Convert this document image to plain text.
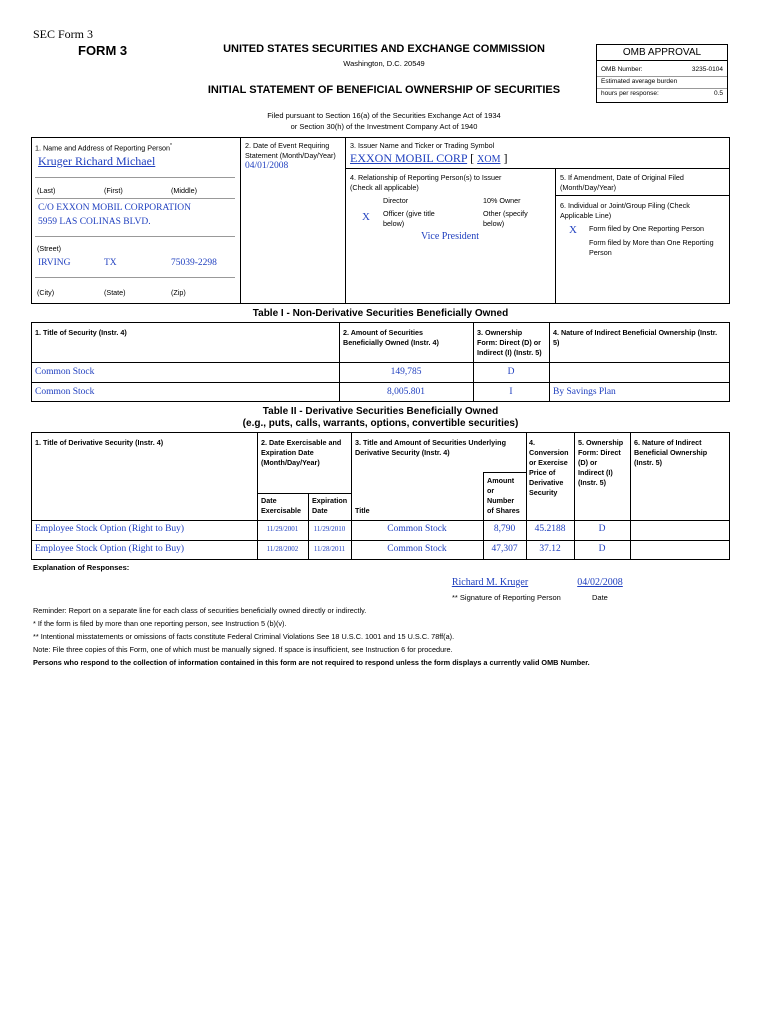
SEC Form 3
FORM 3	UNITED STATES SECURITIES AND EXCHANGE COMMISSION
Washington, D.C. 20549
INITIAL STATEMENT OF BENEFICIAL OWNERSHIP OF SECURITIES
Filed pursuant to Section 16(a) of the Securities Exchange Act of 1934
or Section 30(h) of the Investment Company Act of 1940
OMB APPROVAL
OMB Number:	3235-0104
Estimated average burden
hours per response:	0.5
1. Name and Address of Reporting Person*
Kruger Richard Michael
(Last)	(First)	(Middle)
C/O EXXON MOBIL CORPORATION
5959 LAS COLINAS BLVD.
(Street)
IRVING	TX	75039-2298
(City)	(State)	(Zip)
2. Date of Event Requiring
Statement (Month/Day/Year)
04/01/2008
3. Issuer Name and Ticker or Trading Symbol
EXXON MOBIL CORP [ XOM ]
4. Relationship of Reporting Person(s) to Issuer
(Check all applicable)
Director	10% Owner
X Officer (give title
below)
Other (specify
below)
Vice President
5. If Amendment, Date of Original Filed
(Month/Day/Year)
6. Individual or Joint/Group Filing (Check
Applicable Line)
X Form filed by One Reporting Person
Form filed by More than One Reporting
Person
Table I - Non-Derivative Securities Beneficially Owned
1. Title of Security (Instr. 4)	2. Amount of Securities
Beneficially Owned (Instr. 4)
3. Ownership
Form: Direct (D) or
Indirect (I) (Instr. 5)
4. Nature of Indirect Beneficial Ownership (Instr.
5)
Common Stock	149,785	D
Common Stock	8,005.801	I	By Savings Plan
Table II - Derivative Securities Beneficially Owned
(e.g., puts, calls, warrants, options, convertible securities)
1. Title of Derivative Security (Instr. 4)	2. Date Exercisable and
Expiration Date
(Month/Day/Year)
Date
Exercisable
Expiration
Date
3. Title and Amount of Securities Underlying
Derivative Security (Instr. 4)
Title
Amount
or
Number
of Shares
4.
Conversion
or Exercise
Price of
Derivative
Security
5. Ownership
Form: Direct
(D) or
Indirect (I)
(Instr. 5)
6. Nature of Indirect
Beneficial Ownership
(Instr. 5)
Employee Stock Option (Right to Buy)	11/29/2001	11/29/2010	Common Stock	8,790	45.2188	D
Employee Stock Option (Right to Buy)	11/28/2002	11/28/2011	Common Stock	47,307	37.12	D
Explanation of Responses:
Richard M. Kruger	04/02/2008
** Signature of Reporting Person	Date
Reminder: Report on a separate line for each class of securities beneficially owned directly or indirectly.
* If the form is filed by more than one reporting person, see Instruction 5 (b)(v).
** Intentional misstatements or omissions of facts constitute Federal Criminal Violations See 18 U.S.C. 1001 and 15 U.S.C. 78ff(a).
Note: File three copies of this Form, one of which must be manually signed. If space is insufficient, see Instruction 6 for procedure.
Persons who respond to the collection of information contained in this form are not required to respond unless the form displays a currently valid OMB Number.
